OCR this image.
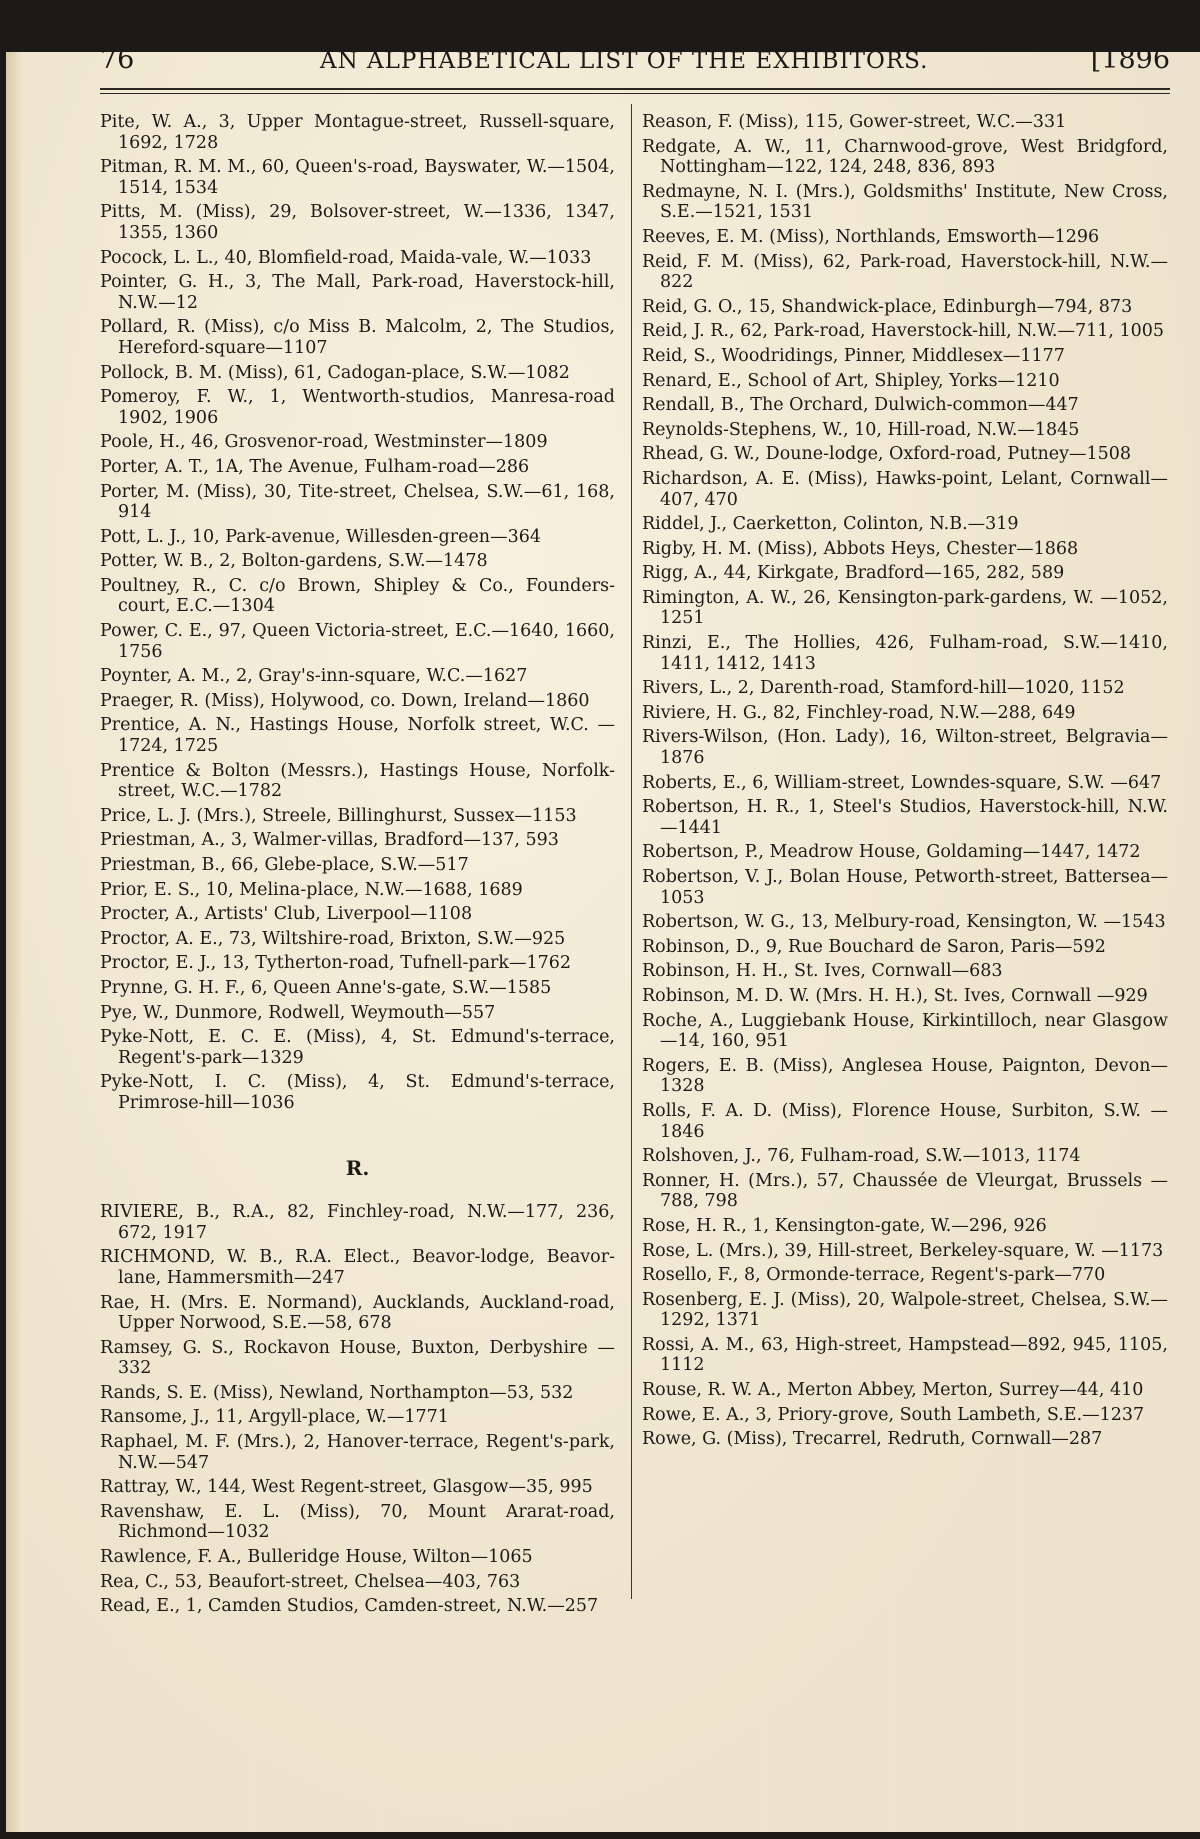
76	AN ALPHABETICAL LIST OF THE EXHIBITORS.	[1896
Pite, W. A., 3, Upper Montague-street, Russell-square, 1692, 1728
Pitman, R. M. M., 60, Queen's-road, Bayswater, W.—1504, 1514, 1534
Pitts, M. (Miss), 29, Bolsover-street, W.—1336, 1347, 1355, 1360
Pocock, L. L., 40, Blomfield-road, Maida-vale, W.—1033
Pointer, G. H., 3, The Mall, Park-road, Haverstock-hill, N.W.—12
Pollard, R. (Miss), c/o Miss B. Malcolm, 2, The Studios, Hereford-square—1107
Pollock, B. M. (Miss), 61, Cadogan-place, S.W.—1082
Pomeroy, F. W., 1, Wentworth-studios, Manresa-road 1902, 1906
Poole, H., 46, Grosvenor-road, Westminster—1809
Porter, A. T., 1A, The Avenue, Fulham-road—286
Porter, M. (Miss), 30, Tite-street, Chelsea, S.W.—61, 168, 914
Pott, L. J., 10, Park-avenue, Willesden-green—364
Potter, W. B., 2, Bolton-gardens, S.W.—1478
Poultney, R., C. c/o Brown, Shipley & Co., Founders-court, E.C.—1304
Power, C. E., 97, Queen Victoria-street, E.C.—1640, 1660, 1756
Poynter, A. M., 2, Gray's-inn-square, W.C.—1627
Praeger, R. (Miss), Holywood, co. Down, Ireland—1860
Prentice, A. N., Hastings House, Norfolk street, W.C. —1724, 1725
Prentice & Bolton (Messrs.), Hastings House, Norfolk-street, W.C.—1782
Price, L. J. (Mrs.), Streele, Billinghurst, Sussex—1153
Priestman, A., 3, Walmer-villas, Bradford—137, 593
Priestman, B., 66, Glebe-place, S.W.—517
Prior, E. S., 10, Melina-place, N.W.—1688, 1689
Procter, A., Artists' Club, Liverpool—1108
Proctor, A. E., 73, Wiltshire-road, Brixton, S.W.—925
Proctor, E. J., 13, Tytherton-road, Tufnell-park—1762
Prynne, G. H. F., 6, Queen Anne's-gate, S.W.—1585
Pye, W., Dunmore, Rodwell, Weymouth—557
Pyke-Nott, E. C. E. (Miss), 4, St. Edmund's-terrace, Regent's-park—1329
Pyke-Nott, I. C. (Miss), 4, St. Edmund's-terrace, Primrose-hill—1036
R.
RIVIERE, B., R.A., 82, Finchley-road, N.W.—177, 236, 672, 1917
RICHMOND, W. B., R.A. Elect., Beavor-lodge, Beavor-lane, Hammersmith—247
Rae, H. (Mrs. E. Normand), Aucklands, Auckland-road, Upper Norwood, S.E.—58, 678
Ramsey, G. S., Rockavon House, Buxton, Derbyshire —332
Rands, S. E. (Miss), Newland, Northampton—53, 532
Ransome, J., 11, Argyll-place, W.—1771
Raphael, M. F. (Mrs.), 2, Hanover-terrace, Regent's-park, N.W.—547
Rattray, W., 144, West Regent-street, Glasgow—35, 995
Ravenshaw, E. L. (Miss), 70, Mount Ararat-road, Richmond—1032
Rawlence, F. A., Bulleridge House, Wilton—1065
Rea, C., 53, Beaufort-street, Chelsea—403, 763
Read, E., 1, Camden Studios, Camden-street, N.W.—257
Reason, F. (Miss), 115, Gower-street, W.C.—331
Redgate, A. W., 11, Charnwood-grove, West Bridgford, Nottingham—122, 124, 248, 836, 893
Redmayne, N. I. (Mrs.), Goldsmiths' Institute, New Cross, S.E.—1521, 1531
Reeves, E. M. (Miss), Northlands, Emsworth—1296
Reid, F. M. (Miss), 62, Park-road, Haverstock-hill, N.W.—822
Reid, G. O., 15, Shandwick-place, Edinburgh—794, 873
Reid, J. R., 62, Park-road, Haverstock-hill, N.W.—711, 1005
Reid, S., Woodridings, Pinner, Middlesex—1177
Renard, E., School of Art, Shipley, Yorks—1210
Rendall, B., The Orchard, Dulwich-common—447
Reynolds-Stephens, W., 10, Hill-road, N.W.—1845
Rhead, G. W., Doune-lodge, Oxford-road, Putney—1508
Richardson, A. E. (Miss), Hawks-point, Lelant, Cornwall—407, 470
Riddel, J., Caerketton, Colinton, N.B.—319
Rigby, H. M. (Miss), Abbots Heys, Chester—1868
Rigg, A., 44, Kirkgate, Bradford—165, 282, 589
Rimington, A. W., 26, Kensington-park-gardens, W. —1052, 1251
Rinzi, E., The Hollies, 426, Fulham-road, S.W.—1410, 1411, 1412, 1413
Rivers, L., 2, Darenth-road, Stamford-hill—1020, 1152
Riviere, H. G., 82, Finchley-road, N.W.—288, 649
Rivers-Wilson, (Hon. Lady), 16, Wilton-street, Belgravia—1876
Roberts, E., 6, William-street, Lowndes-square, S.W. —647
Robertson, H. R., 1, Steel's Studios, Haverstock-hill, N.W.—1441
Robertson, P., Meadrow House, Goldaming—1447, 1472
Robertson, V. J., Bolan House, Petworth-street, Battersea—1053
Robertson, W. G., 13, Melbury-road, Kensington, W. —1543
Robinson, D., 9, Rue Bouchard de Saron, Paris—592
Robinson, H. H., St. Ives, Cornwall—683
Robinson, M. D. W. (Mrs. H. H.), St. Ives, Cornwall —929
Roche, A., Luggiebank House, Kirkintilloch, near Glasgow—14, 160, 951
Rogers, E. B. (Miss), Anglesea House, Paignton, Devon—1328
Rolls, F. A. D. (Miss), Florence House, Surbiton, S.W. —1846
Rolshoven, J., 76, Fulham-road, S.W.—1013, 1174
Ronner, H. (Mrs.), 57, Chaussée de Vleurgat, Brussels —788, 798
Rose, H. R., 1, Kensington-gate, W.—296, 926
Rose, L. (Mrs.), 39, Hill-street, Berkeley-square, W. —1173
Rosello, F., 8, Ormonde-terrace, Regent's-park—770
Rosenberg, E. J. (Miss), 20, Walpole-street, Chelsea, S.W.—1292, 1371
Rossi, A. M., 63, High-street, Hampstead—892, 945, 1105, 1112
Rouse, R. W. A., Merton Abbey, Merton, Surrey—44, 410
Rowe, E. A., 3, Priory-grove, South Lambeth, S.E.—1237
Rowe, G. (Miss), Trecarrel, Redruth, Cornwall—287
